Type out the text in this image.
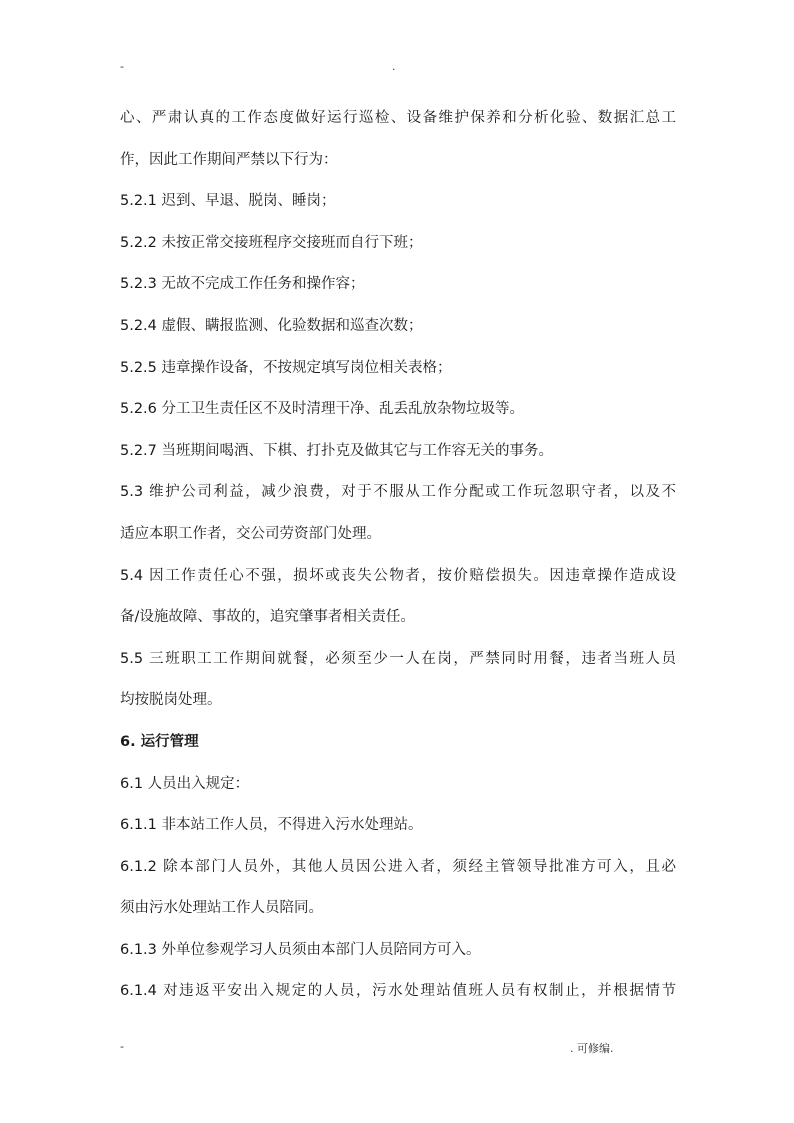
-	.
心、严肃认真的工作态度做好运行巡检、设备维护保养和分析化验、数据汇总工
作，因此工作期间严禁以下行为：
5.2.1 迟到、早退、脱岗、睡岗；
5.2.2 未按正常交接班程序交接班而自行下班；
5.2.3 无故不完成工作任务和操作容；
5.2.4 虚假、瞒报监测、化验数据和巡查次数；
5.2.5 违章操作设备，不按规定填写岗位相关表格；
5.2.6 分工卫生责任区不及时清理干净、乱丢乱放杂物垃圾等。
5.2.7 当班期间喝酒、下棋、打扑克及做其它与工作容无关的事务。
5.3 维护公司利益，减少浪费，对于不服从工作分配或工作玩忽职守者，以及不
适应本职工作者，交公司劳资部门处理。
5.4 因工作责任心不强，损坏或丧失公物者，按价赔偿损失。因违章操作造成设
备/设施故障、事故的，追究肇事者相关责任。
5.5 三班职工工作期间就餐，必须至少一人在岗，严禁同时用餐，违者当班人员
均按脱岗处理。
6. 运行管理
6.1 人员出入规定：
6.1.1 非本站工作人员，不得进入污水处理站。
6.1.2 除本部门人员外，其他人员因公进入者，须经主管领导批准方可入，且必
须由污水处理站工作人员陪同。
6.1.3 外单位参观学习人员须由本部门人员陪同方可入。
6.1.4 对违返平安出入规定的人员，污水处理站值班人员有权制止，并根据情节
-	. 可修编.
